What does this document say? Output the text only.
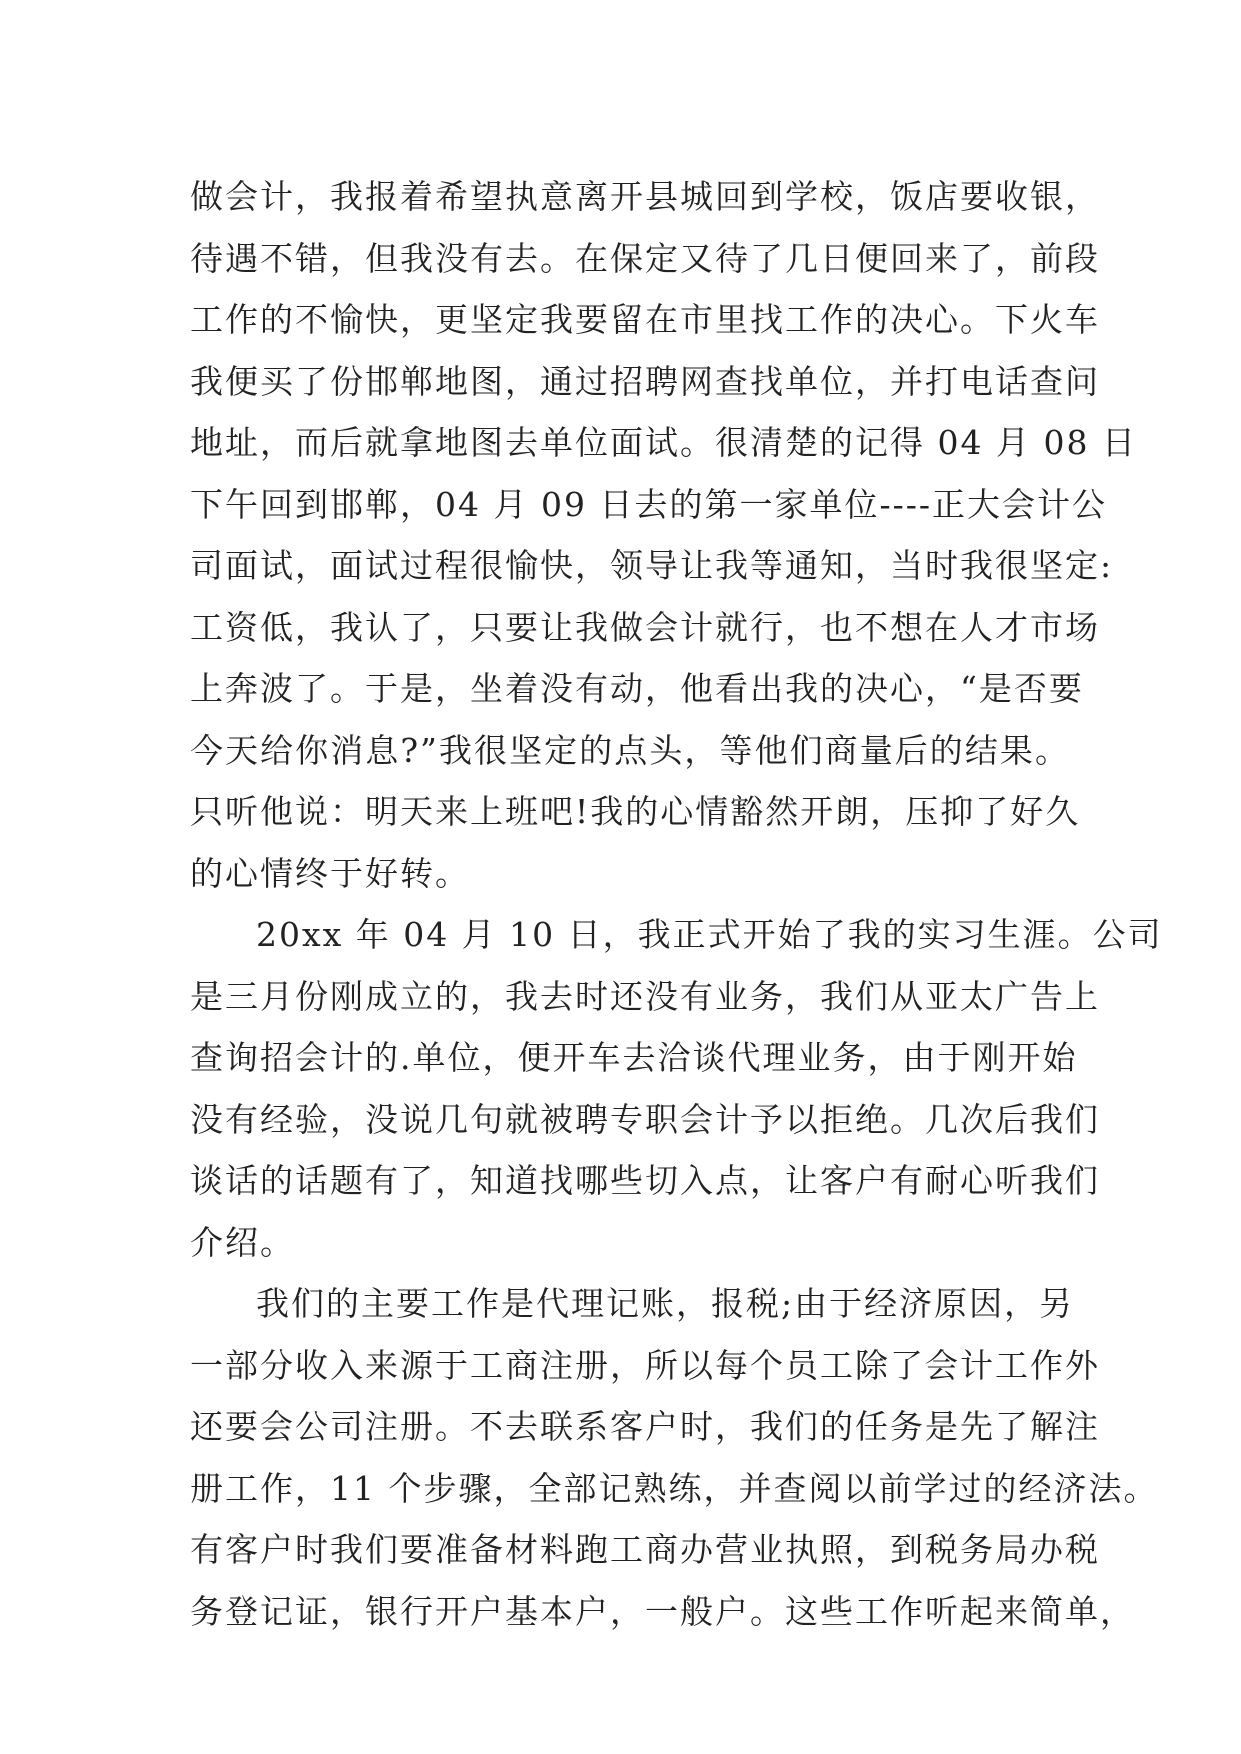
做会计，我报着希望执意离开县城回到学校，饭店要收银，
待遇不错，但我没有去。在保定又待了几日便回来了，前段
工作的不愉快，更坚定我要留在市里找工作的决心。下火车
我便买了份邯郸地图，通过招聘网查找单位，并打电话查问
地址，而后就拿地图去单位面试。很清楚的记得 04 月 08 日
下午回到邯郸，04 月 09 日去的第一家单位----正大会计公
司面试，面试过程很愉快，领导让我等通知，当时我很坚定:
工资低，我认了，只要让我做会计就行，也不想在人才市场
上奔波了。于是，坐着没有动，他看出我的决心，“是否要
今天给你消息?”我很坚定的点头，等他们商量后的结果。
只听他说：明天来上班吧!我的心情豁然开朗，压抑了好久
的心情终于好转。
20xx 年 04 月 10 日，我正式开始了我的实习生涯。公司
是三月份刚成立的，我去时还没有业务，我们从亚太广告上
查询招会计的.单位，便开车去洽谈代理业务，由于刚开始
没有经验，没说几句就被聘专职会计予以拒绝。几次后我们
谈话的话题有了，知道找哪些切入点，让客户有耐心听我们
介绍。
我们的主要工作是代理记账，报税;由于经济原因，另
一部分收入来源于工商注册，所以每个员工除了会计工作外
还要会公司注册。不去联系客户时，我们的任务是先了解注
册工作，11 个步骤，全部记熟练，并查阅以前学过的经济法。
有客户时我们要准备材料跑工商办营业执照，到税务局办税
务登记证，银行开户基本户，一般户。这些工作听起来简单，
